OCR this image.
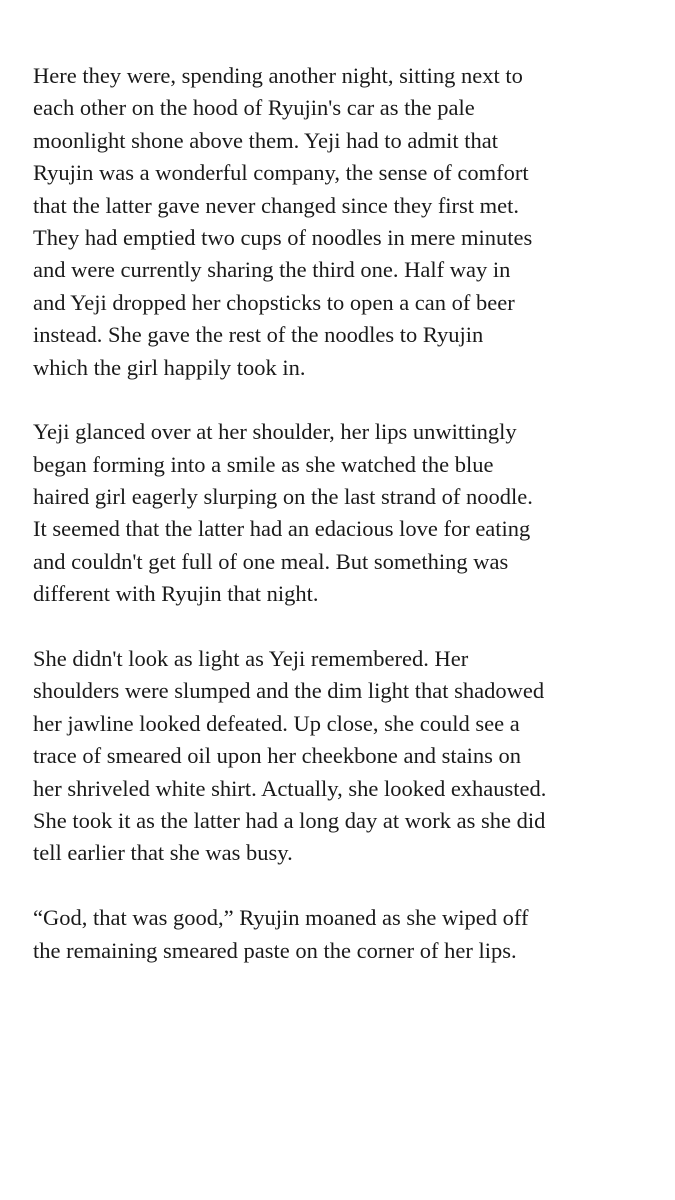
Here they were, spending another night, sitting next to
each other on the hood of Ryujin's car as the pale
moonlight shone above them. Yeji had to admit that
Ryujin was a wonderful company, the sense of comfort
that the latter gave never changed since they first met.
They had emptied two cups of noodles in mere minutes
and were currently sharing the third one. Half way in
and Yeji dropped her chopsticks to open a can of beer
instead. She gave the rest of the noodles to Ryujin
which the girl happily took in.

Yeji glanced over at her shoulder, her lips unwittingly
began forming into a smile as she watched the blue
haired girl eagerly slurping on the last strand of noodle.
It seemed that the latter had an edacious love for eating
and couldn't get full of one meal. But something was
different with Ryujin that night.

She didn't look as light as Yeji remembered. Her
shoulders were slumped and the dim light that shadowed
her jawline looked defeated. Up close, she could see a
trace of smeared oil upon her cheekbone and stains on
her shriveled white shirt. Actually, she looked exhausted.
She took it as the latter had a long day at work as she did
tell earlier that she was busy.

“God, that was good,” Ryujin moaned as she wiped off
the remaining smeared paste on the corner of her lips.
